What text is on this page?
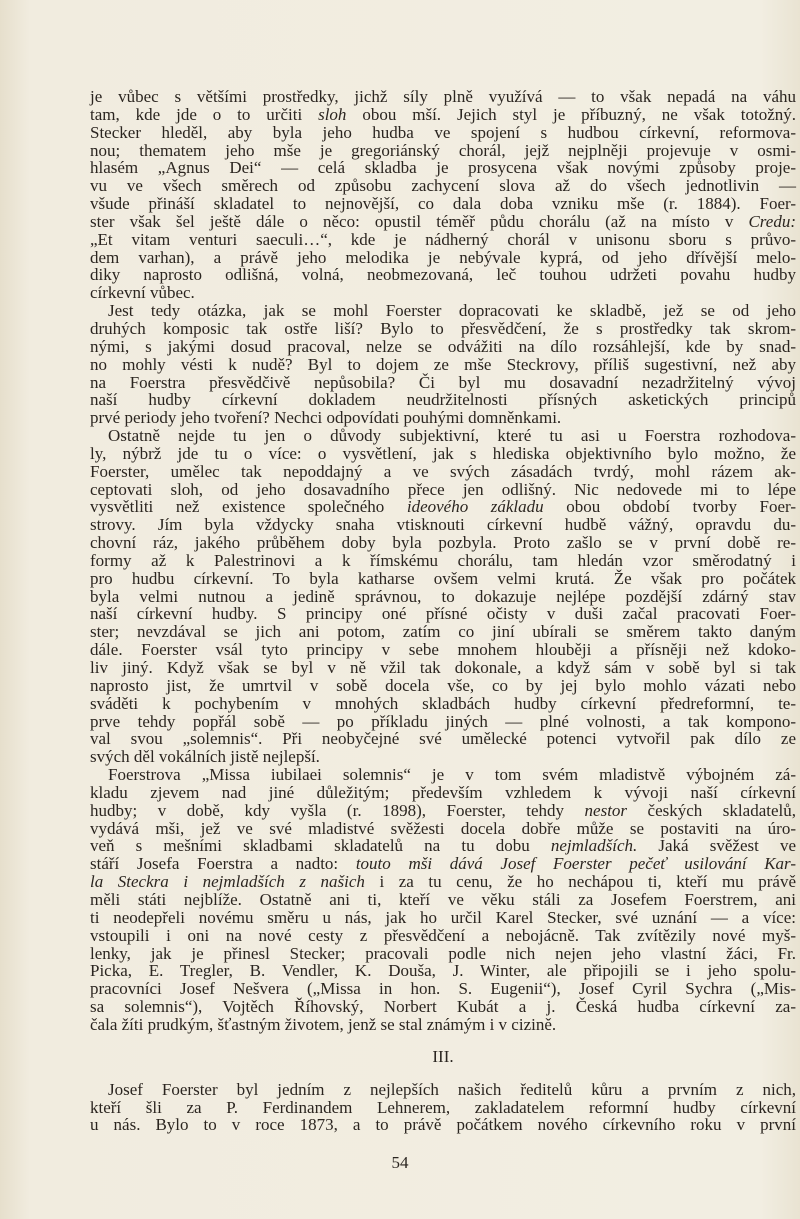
je vůbec s většími prostředky, jichž síly plně využívá — to však nepadá na váhu
tam, kde jde o to určiti sloh obou mší. Jejich styl je příbuzný, ne však totožný.
Stecker hleděl, aby byla jeho hudba ve spojení s hudbou církevní, reformova-
nou; thematem jeho mše je gregoriánský chorál, jejž nejplněji projevuje v osmi-
hlasém „Agnus Dei“ — celá skladba je prosycena však novými způsoby proje-
vu ve všech směrech od způsobu zachycení slova až do všech jednotlivin —
všude přináší skladatel to nejnovější, co dala doba vzniku mše (r. 1884). Foer-
ster však šel ještě dále o něco: opustil téměř půdu chorálu (až na místo v Credu:
„Et vitam venturi saeculi…“, kde je nádherný chorál v unisonu sboru s průvo-
dem varhan), a právě jeho melodika je nebývale kyprá, od jeho dřívější melo-
diky naprosto odlišná, volná, neobmezovaná, leč touhou udržeti povahu hudby
církevní vůbec.
Jest tedy otázka, jak se mohl Foerster dopracovati ke skladbě, jež se od jeho
druhých komposic tak ostře liší? Bylo to přesvědčení, že s prostředky tak skrom-
nými, s jakými dosud pracoval, nelze se odvážiti na dílo rozsáhlejší, kde by snad-
no mohly vésti k nudě? Byl to dojem ze mše Steckrovy, příliš sugestivní, než aby
na Foerstra přesvědčivě nepůsobila? Či byl mu dosavadní nezadržitelný vývoj
naší hudby církevní dokladem neudržitelnosti přísných asketických principů
prvé periody jeho tvoření? Nechci odpovídati pouhými domněnkami.
Ostatně nejde tu jen o důvody subjektivní, které tu asi u Foerstra rozhodova-
ly, nýbrž jde tu o více: o vysvětlení, jak s hlediska objektivního bylo možno, že
Foerster, umělec tak nepoddajný a ve svých zásadách tvrdý, mohl rázem ak-
ceptovati sloh, od jeho dosavadního přece jen odlišný. Nic nedovede mi to lépe
vysvětliti než existence společného ideového základu obou období tvorby Foer-
strovy. Jím byla vždycky snaha vtisknouti církevní hudbě vážný, opravdu du-
chovní ráz, jakého průběhem doby byla pozbyla. Proto zašlo se v první době re-
formy až k Palestrinovi a k římskému chorálu, tam hledán vzor směrodatný i
pro hudbu církevní. To byla katharse ovšem velmi krutá. Že však pro počátek
byla velmi nutnou a jedině správnou, to dokazuje nejlépe pozdější zdárný stav
naší církevní hudby. S principy oné přísné očisty v duši začal pracovati Foer-
ster; nevzdával se jich ani potom, zatím co jiní ubírali se směrem takto daným
dále. Foerster vsál tyto principy v sebe mnohem hlouběji a přísněji než kdoko-
liv jiný. Když však se byl v ně vžil tak dokonale, a když sám v sobě byl si tak
naprosto jist, že umrtvil v sobě docela vše, co by jej bylo mohlo vázati nebo
sváděti k pochybením v mnohých skladbách hudby církevní předreformní, te-
prve tehdy popřál sobě — po příkladu jiných — plné volnosti, a tak kompono-
val svou „solemnis“. Při neobyčejné své umělecké potenci vytvořil pak dílo ze
svých děl vokálních jistě nejlepší.
Foerstrova „Missa iubilaei solemnis“ je v tom svém mladistvě výbojném zá-
kladu zjevem nad jiné důležitým; především vzhledem k vývoji naší církevní
hudby; v době, kdy vyšla (r. 1898), Foerster, tehdy nestor českých skladatelů,
vydává mši, jež ve své mladistvé svěžesti docela dobře může se postaviti na úro-
veň s mešními skladbami skladatelů na tu dobu nejmladších. Jaká svěžest ve
stáří Josefa Foerstra a nadto: touto mši dává Josef Foerster pečeť usilování Kar-
la Steckra i nejmladších z našich i za tu cenu, že ho nechápou ti, kteří mu právě
měli státi nejblíže. Ostatně ani ti, kteří ve věku stáli za Josefem Foerstrem, ani
ti neodepřeli novému směru u nás, jak ho určil Karel Stecker, své uznání — a více:
vstoupili i oni na nové cesty z přesvědčení a nebojácně. Tak zvítězily nové myš-
lenky, jak je přinesl Stecker; pracovali podle nich nejen jeho vlastní žáci, Fr.
Picka, E. Tregler, B. Vendler, K. Douša, J. Winter, ale připojili se i jeho spolu-
pracovníci Josef Nešvera („Missa in hon. S. Eugenii“), Josef Cyril Sychra („Mis-
sa solemnis“), Vojtěch Říhovský, Norbert Kubát a j. Česká hudba církevní za-
čala žíti prudkým, šťastným životem, jenž se stal známým i v cizině.
III.
Josef Foerster byl jedním z nejlepších našich ředitelů kůru a prvním z nich,
kteří šli za P. Ferdinandem Lehnerem, zakladatelem reformní hudby církevní
u nás. Bylo to v roce 1873, a to právě počátkem nového církevního roku v první
54
